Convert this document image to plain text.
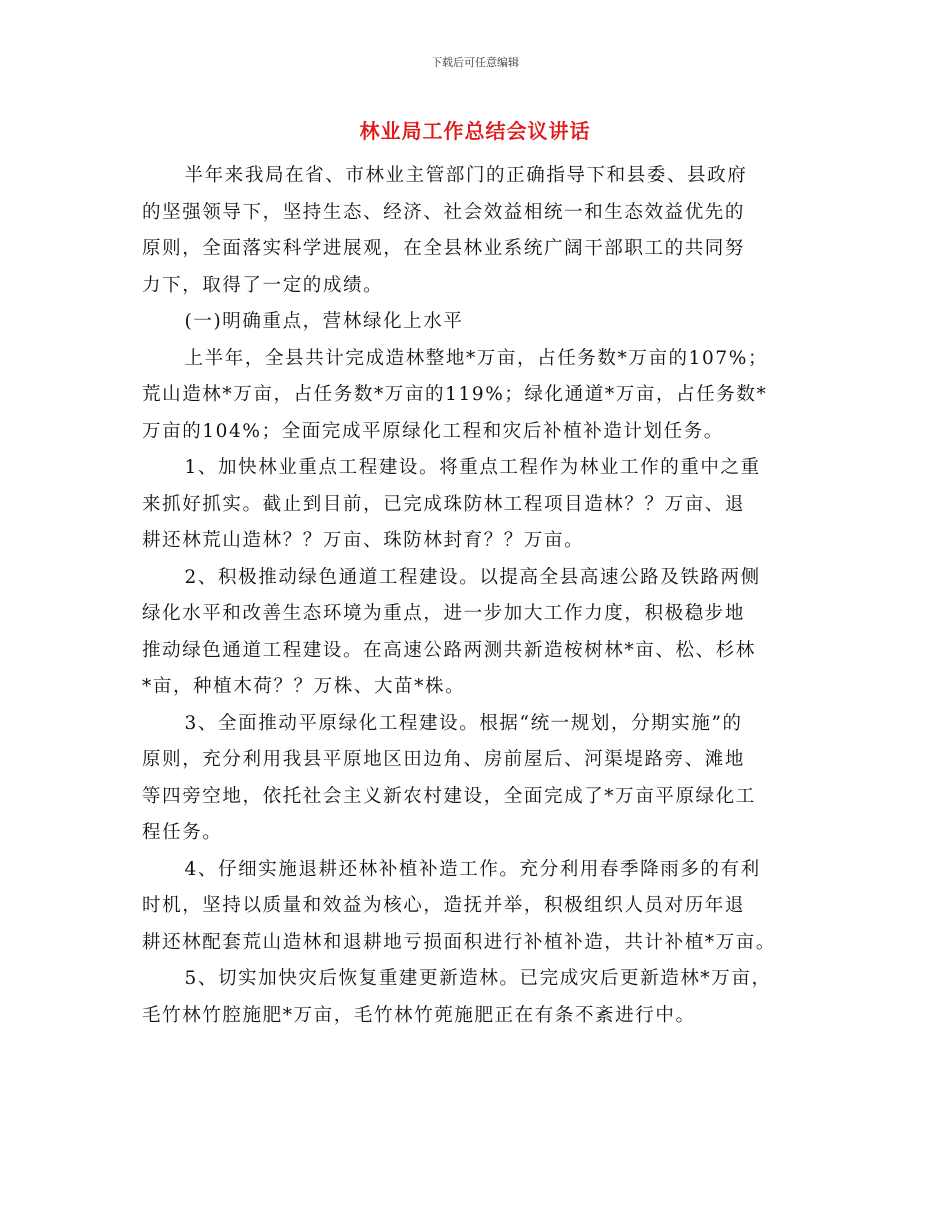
下载后可任意编辑
林业局工作总结会议讲话

半年来我局在省、市林业主管部门的正确指导下和县委、县政府
的坚强领导下，坚持生态、经济、社会效益相统一和生态效益优先的
原则，全面落实科学进展观，在全县林业系统广阔干部职工的共同努
力下，取得了一定的成绩。

(一)明确重点，营林绿化上水平

上半年，全县共计完成造林整地*万亩，占任务数*万亩的107%；
荒山造林*万亩，占任务数*万亩的119%；绿化通道*万亩，占任务数*
万亩的104%；全面完成平原绿化工程和灾后补植补造计划任务。

1、加快林业重点工程建设。将重点工程作为林业工作的重中之重
来抓好抓实。截止到目前，已完成珠防林工程项目造林？？万亩、退
耕还林荒山造林？？万亩、珠防林封育？？万亩。

2、积极推动绿色通道工程建设。以提高全县高速公路及铁路两侧
绿化水平和改善生态环境为重点，进一步加大工作力度，积极稳步地
推动绿色通道工程建设。在高速公路两测共新造桉树林*亩、松、杉林
*亩，种植木荷？？万株、大苗*株。

3、全面推动平原绿化工程建设。根据“统一规划，分期实施”的
原则，充分利用我县平原地区田边角、房前屋后、河渠堤路旁、滩地
等四旁空地，依托社会主义新农村建设，全面完成了*万亩平原绿化工
程任务。

4、仔细实施退耕还林补植补造工作。充分利用春季降雨多的有利
时机，坚持以质量和效益为核心，造抚并举，积极组织人员对历年退
耕还林配套荒山造林和退耕地亏损面积进行补植补造，共计补植*万亩。

5、切实加快灾后恢复重建更新造林。已完成灾后更新造林*万亩，
毛竹林竹腔施肥*万亩，毛竹林竹蔸施肥正在有条不紊进行中。
